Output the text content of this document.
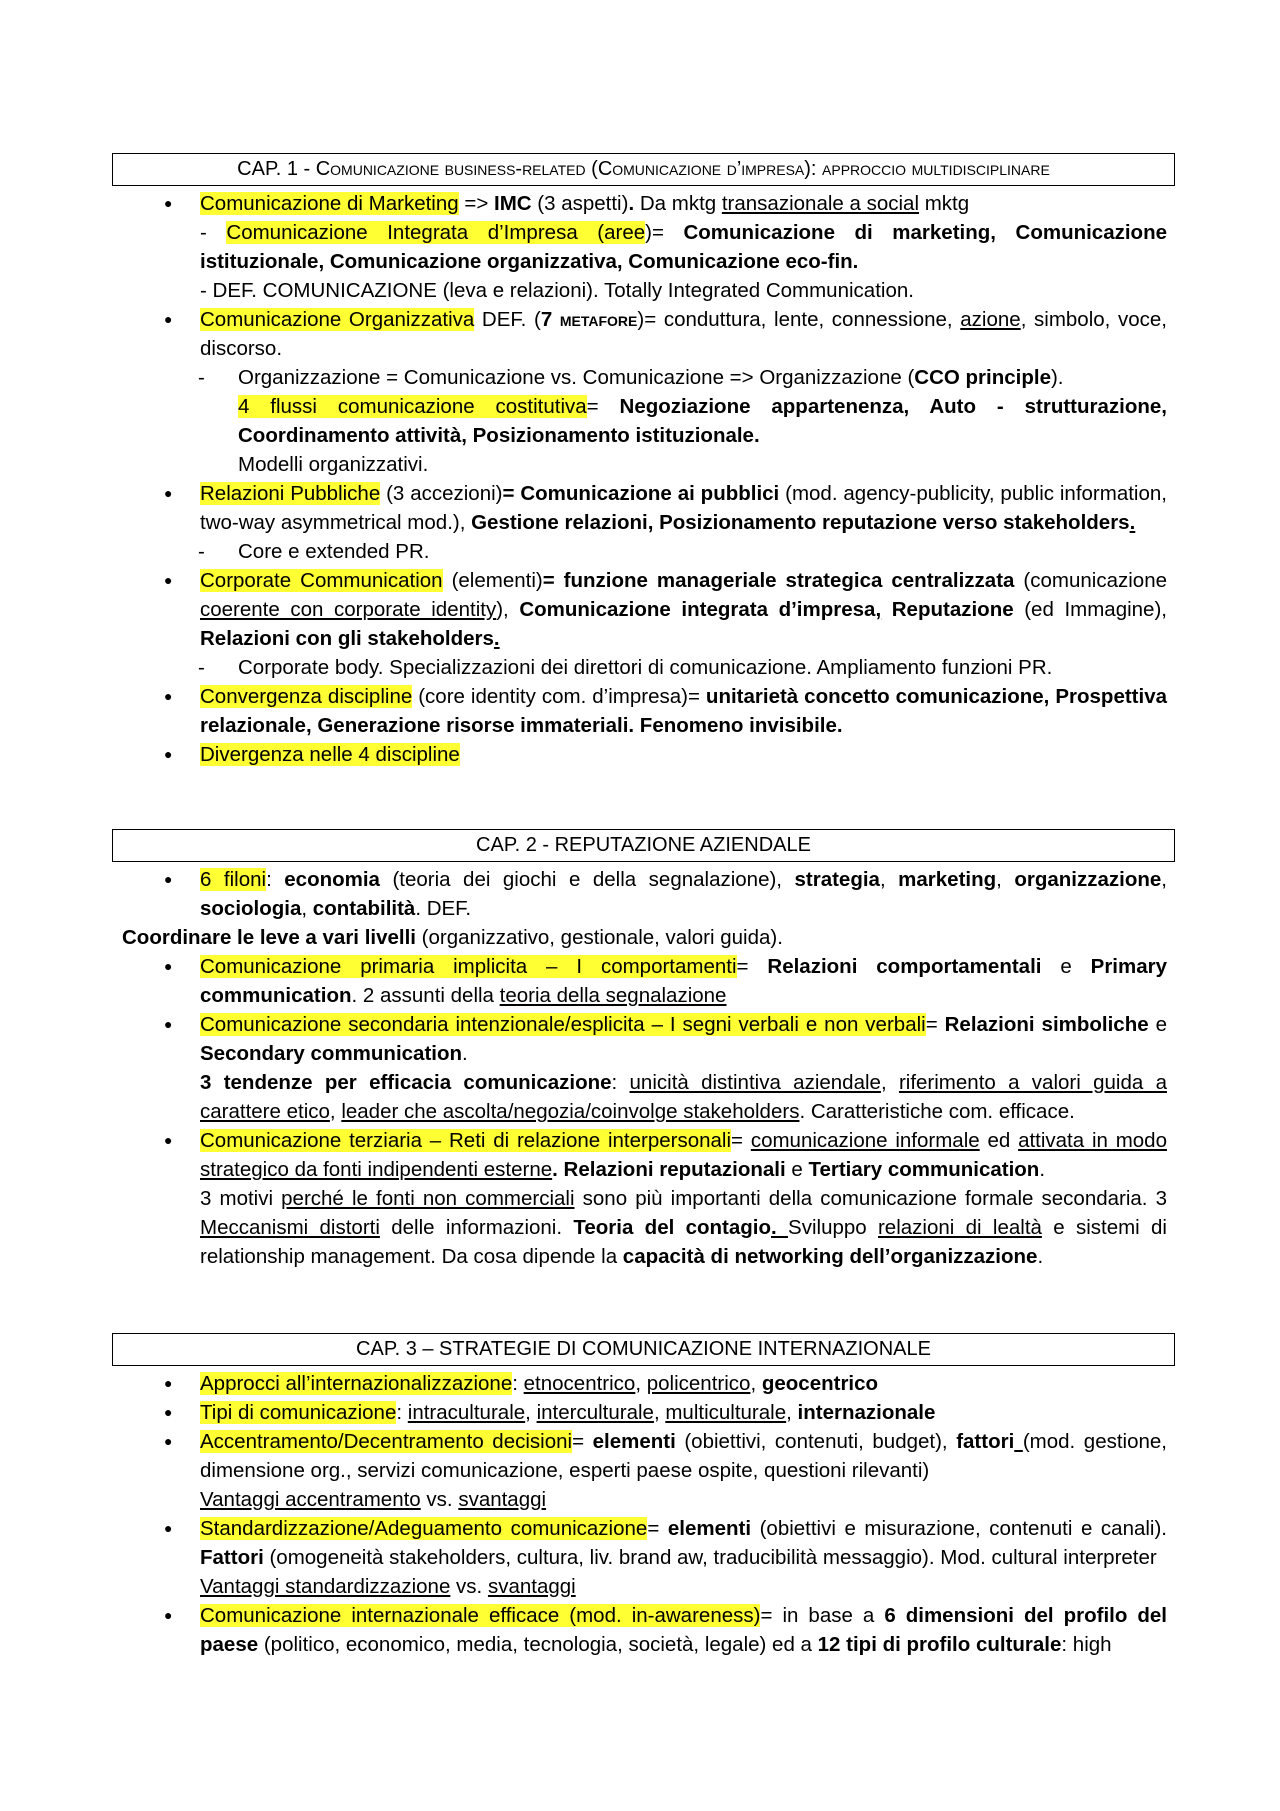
CAP. 1 - Comunicazione business-related (Comunicazione d’impresa): approccio multidisciplinare
● Comunicazione di Marketing => IMC (3 aspetti). Da mktg transazionale a social mktg
- Comunicazione Integrata d’Impresa (aree)= Comunicazione di marketing, Comunicazione istituzionale, Comunicazione organizzativa, Comunicazione eco-fin.
- DEF. COMUNICAZIONE (leva e relazioni). Totally Integrated Communication.
● Comunicazione Organizzativa DEF. (7 metafore)= conduttura, lente, connessione, azione, simbolo, voce, discorso.
- Organizzazione = Comunicazione vs. Comunicazione => Organizzazione (CCO principle).
4 flussi comunicazione costitutiva= Negoziazione appartenenza, Auto - strutturazione, Coordinamento attività, Posizionamento istituzionale.
Modelli organizzativi.
● Relazioni Pubbliche (3 accezioni)= Comunicazione ai pubblici (mod. agency-publicity, public information, two-way asymmetrical mod.), Gestione relazioni, Posizionamento reputazione verso stakeholders.
- Core e extended PR.
● Corporate Communication (elementi)= funzione manageriale strategica centralizzata (comunicazione coerente con corporate identity), Comunicazione integrata d’impresa, Reputazione (ed Immagine), Relazioni con gli stakeholders.
- Corporate body. Specializzazioni dei direttori di comunicazione. Ampliamento funzioni PR.
● Convergenza discipline (core identity com. d’impresa)= unitarietà concetto comunicazione, Prospettiva relazionale, Generazione risorse immateriali. Fenomeno invisibile.
● Divergenza nelle 4 discipline
CAP. 2 - REPUTAZIONE AZIENDALE
● 6 filoni: economia (teoria dei giochi e della segnalazione), strategia, marketing, organizzazione, sociologia, contabilità. DEF.
Coordinare le leve a vari livelli (organizzativo, gestionale, valori guida).
● Comunicazione primaria implicita – I comportamenti= Relazioni comportamentali e Primary communication. 2 assunti della teoria della segnalazione
● Comunicazione secondaria intenzionale/esplicita – I segni verbali e non verbali= Relazioni simboliche e Secondary communication.
3 tendenze per efficacia comunicazione: unicità distintiva aziendale, riferimento a valori guida a carattere etico, leader che ascolta/negozia/coinvolge stakeholders. Caratteristiche com. efficace.
● Comunicazione terziaria – Reti di relazione interpersonali= comunicazione informale ed attivata in modo strategico da fonti indipendenti esterne. Relazioni reputazionali e Tertiary communication.
3 motivi perché le fonti non commerciali sono più importanti della comunicazione formale secondaria. 3 Meccanismi distorti delle informazioni. Teoria del contagio. Sviluppo relazioni di lealtà e sistemi di relationship management. Da cosa dipende la capacità di networking dell’organizzazione.
CAP. 3 – STRATEGIE DI COMUNICAZIONE INTERNAZIONALE
● Approcci all’internazionalizzazione: etnocentrico, policentrico, geocentrico
● Tipi di comunicazione: intraculturale, interculturale, multiculturale, internazionale
● Accentramento/Decentramento decisioni= elementi (obiettivi, contenuti, budget), fattori (mod. gestione, dimensione org., servizi comunicazione, esperti paese ospite, questioni rilevanti)
Vantaggi accentramento vs. svantaggi
● Standardizzazione/Adeguamento comunicazione= elementi (obiettivi e misurazione, contenuti e canali). Fattori (omogeneità stakeholders, cultura, liv. brand aw, traducibilità messaggio). Mod. cultural interpreter
Vantaggi standardizzazione vs. svantaggi
● Comunicazione internazionale efficace (mod. in-awareness)= in base a 6 dimensioni del profilo del paese (politico, economico, media, tecnologia, società, legale) ed a 12 tipi di profilo culturale: high
